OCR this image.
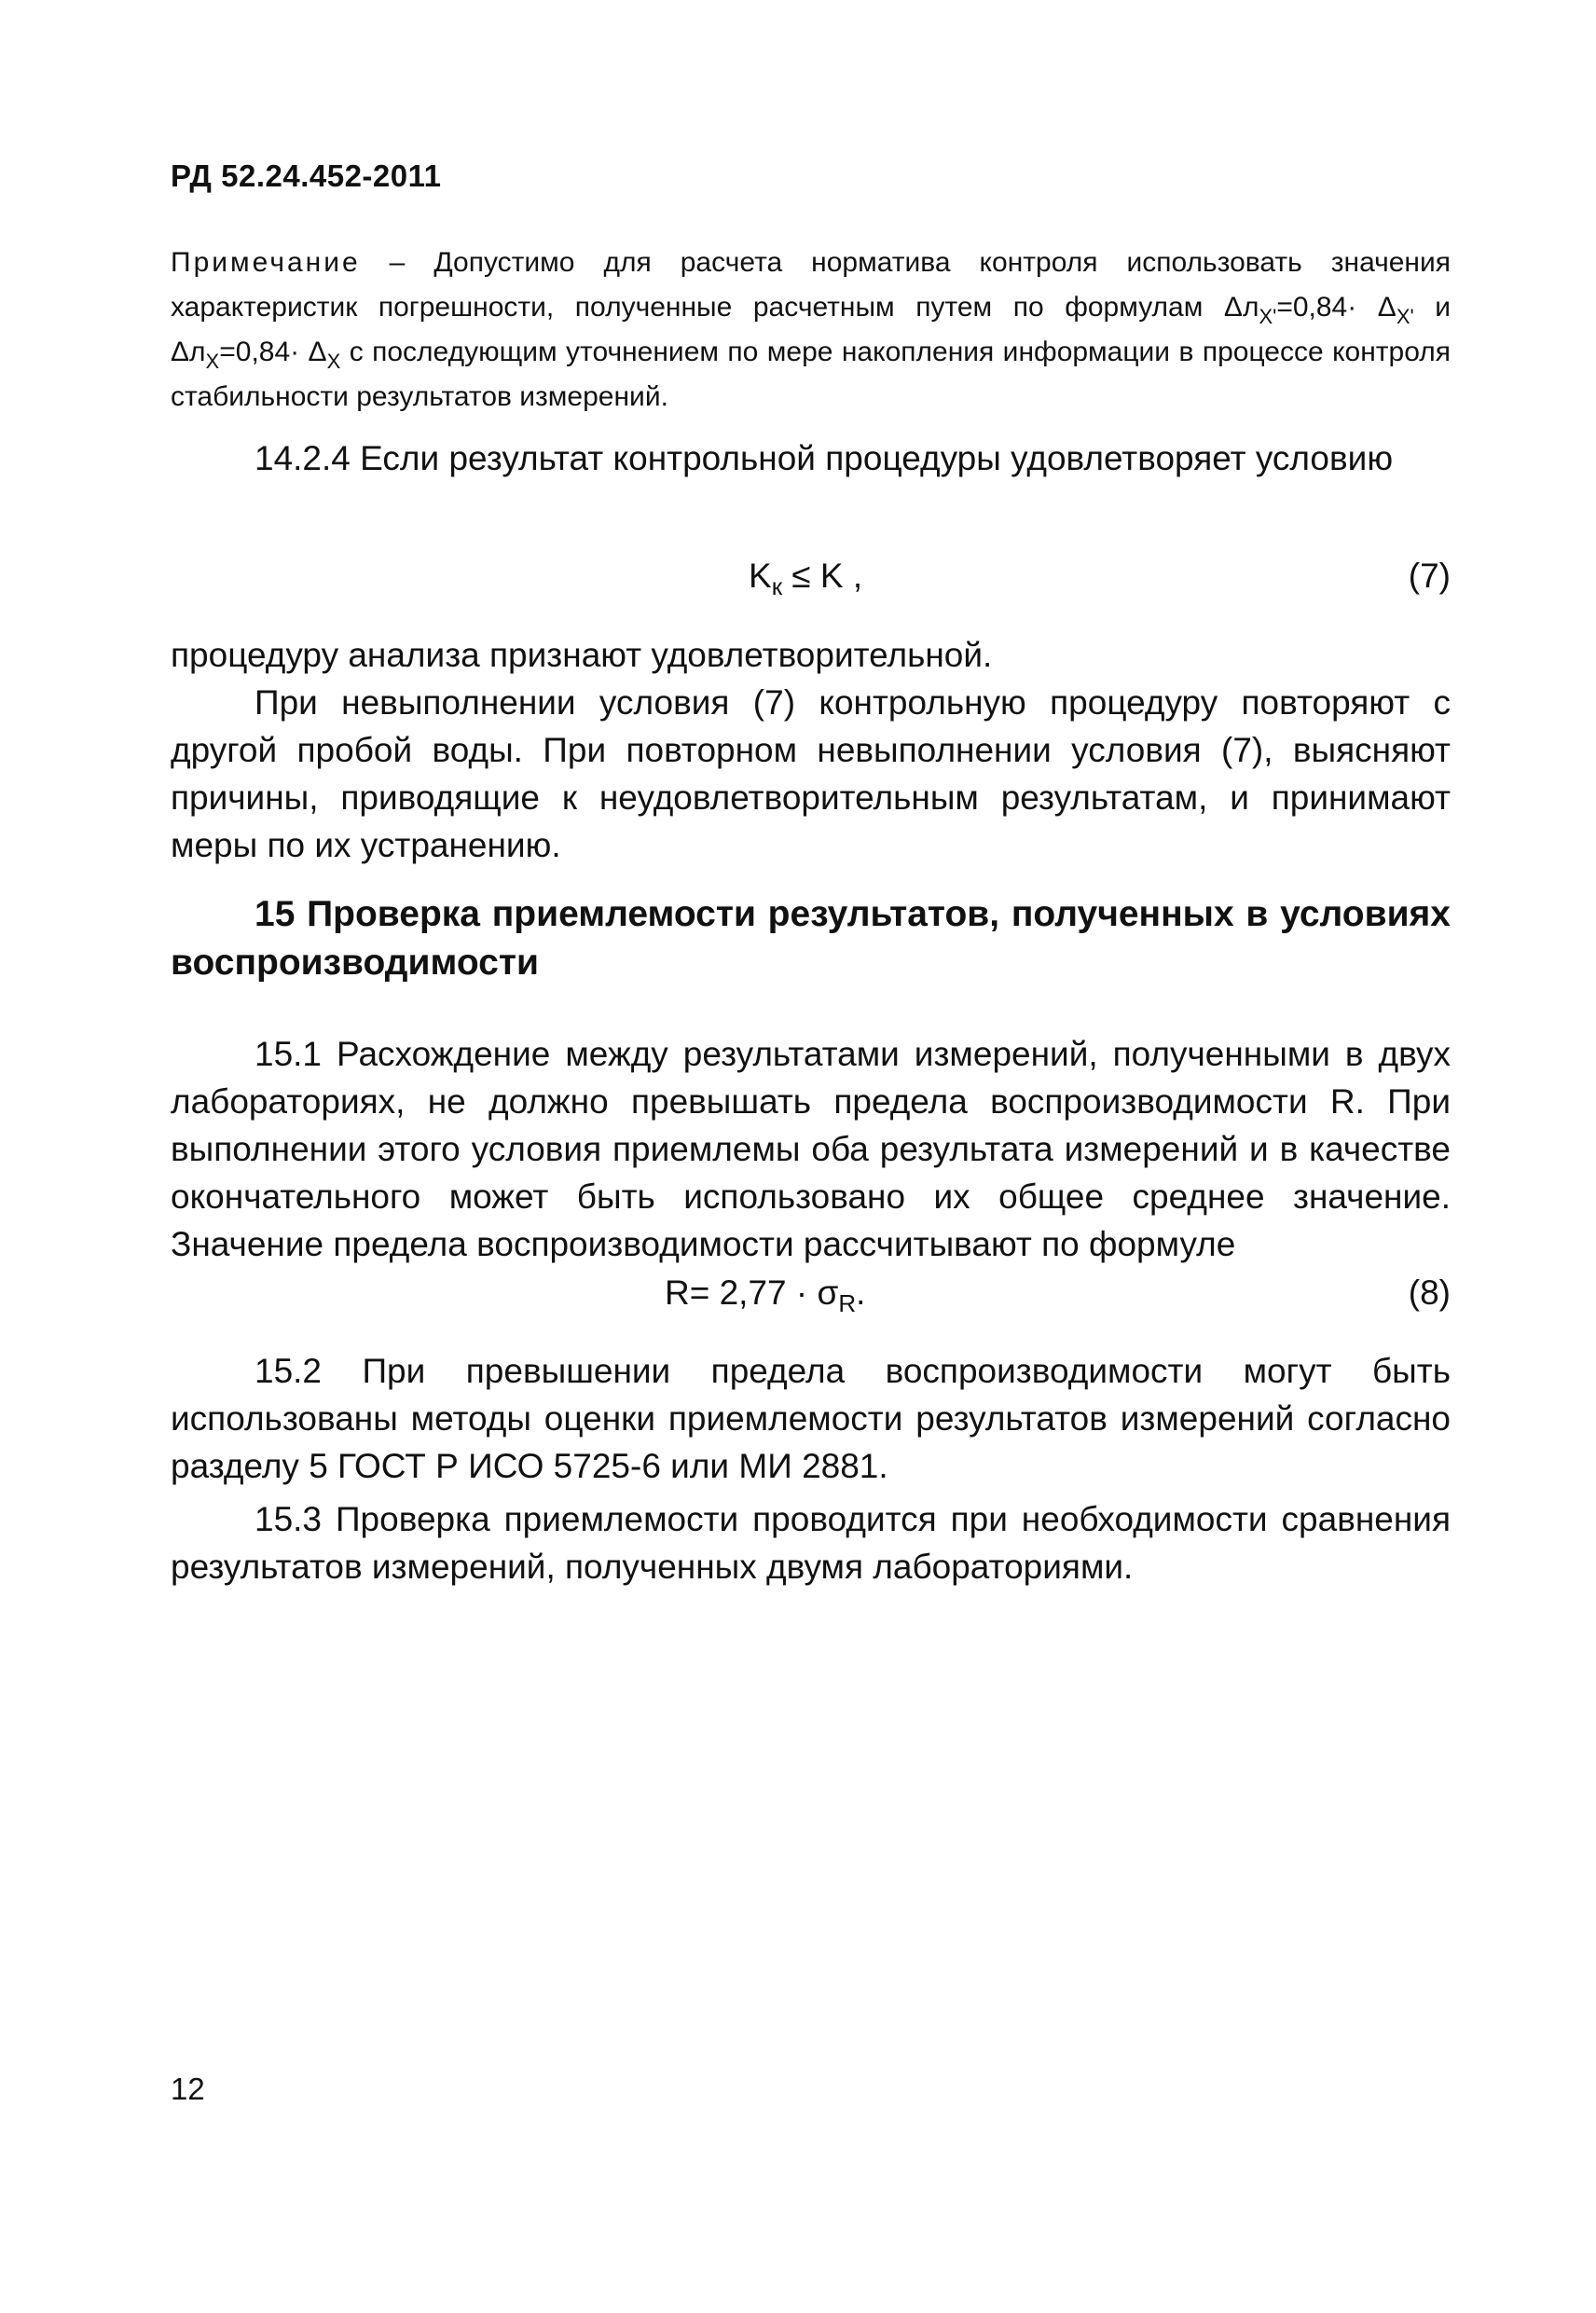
РД 52.24.452-2011

Примечание – Допустимо для расчета норматива контроля использовать значения характеристик погрешности, полученные расчетным путем по формулам $\Delta л_{X'}=0,84\cdot \Delta_{X'}$ и $\Delta л_X=0,84\cdot \Delta_X$ с последующим уточнением по мере накопления информации в процессе контроля стабильности результатов измерений.

14.2.4 Если результат контрольной процедуры удовлетворяет условию

$K_к \le K$ ,	(7)

процедуру анализа признают удовлетворительной.

При невыполнении условия (7) контрольную процедуру повторяют с другой пробой воды. При повторном невыполнении условия (7), выясняют причины, приводящие к неудовлетворительным результатам, и принимают меры по их устранению.

15 Проверка приемлемости результатов, полученных в условиях воспроизводимости

15.1 Расхождение между результатами измерений, полученными в двух лабораториях, не должно превышать предела воспроизводимости R. При выполнении этого условия приемлемы оба результата измерений и в качестве окончательного может быть использовано их общее среднее значение. Значение предела воспроизводимости рассчитывают по формуле

$R= 2,77 \cdot \sigma_R$.	(8)

15.2 При превышении предела воспроизводимости могут быть использованы методы оценки приемлемости результатов измерений согласно разделу 5 ГОСТ Р ИСО 5725-6 или МИ 2881.

15.3 Проверка приемлемости проводится при необходимости сравнения результатов измерений, полученных двумя лабораториями.

12
